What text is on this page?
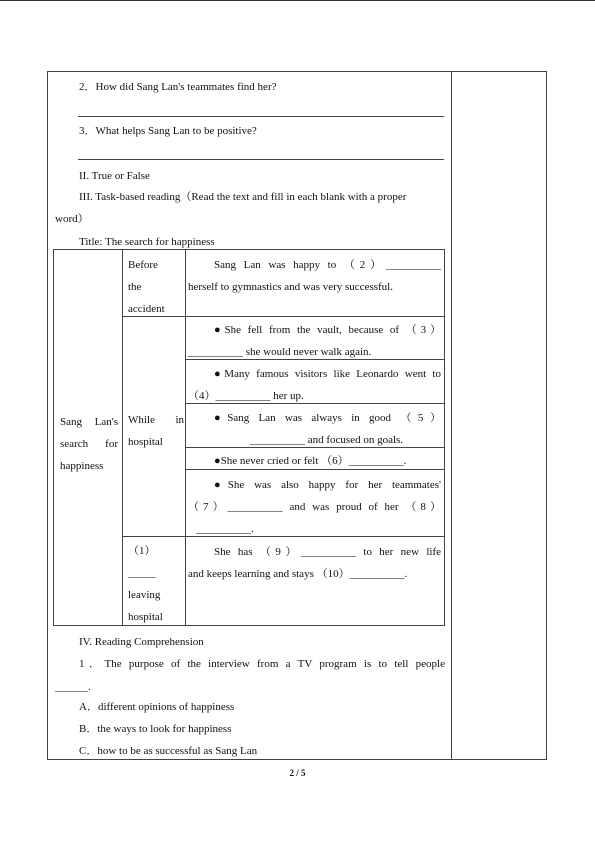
2．How did Sang Lan's teammates find her?
3．What helps Sang Lan to be positive?
II. True or False
III. Task-based reading（Read the text and fill in each blank with a proper
word）
Title: The search for happiness
Sang Lan's
search for
happiness
Before
the
accident
Sang Lan was happy to （2）__________
herself to gymnastics and was very successful.
While in
hospital
●She fell from the vault, because of （3）
__________ she would never walk again.
●Many famous visitors like Leonardo went to
（4）__________ her up.
●Sang Lan was always in good （5）
__________ and focused on goals.
●She never cried or felt （6）__________.
●She was also happy for her teammates'
（7）__________ and was proud of her （8）
__________.
（1）
_____
leaving
hospital
She has （9）__________ to her new life
and keeps learning and stays （10）__________.
IV. Reading Comprehension
1．The purpose of the interview from a TV program is to tell people
______.
A．different opinions of happiness
B．the ways to look for happiness
C．how to be as successful as Sang Lan
2 / 5
